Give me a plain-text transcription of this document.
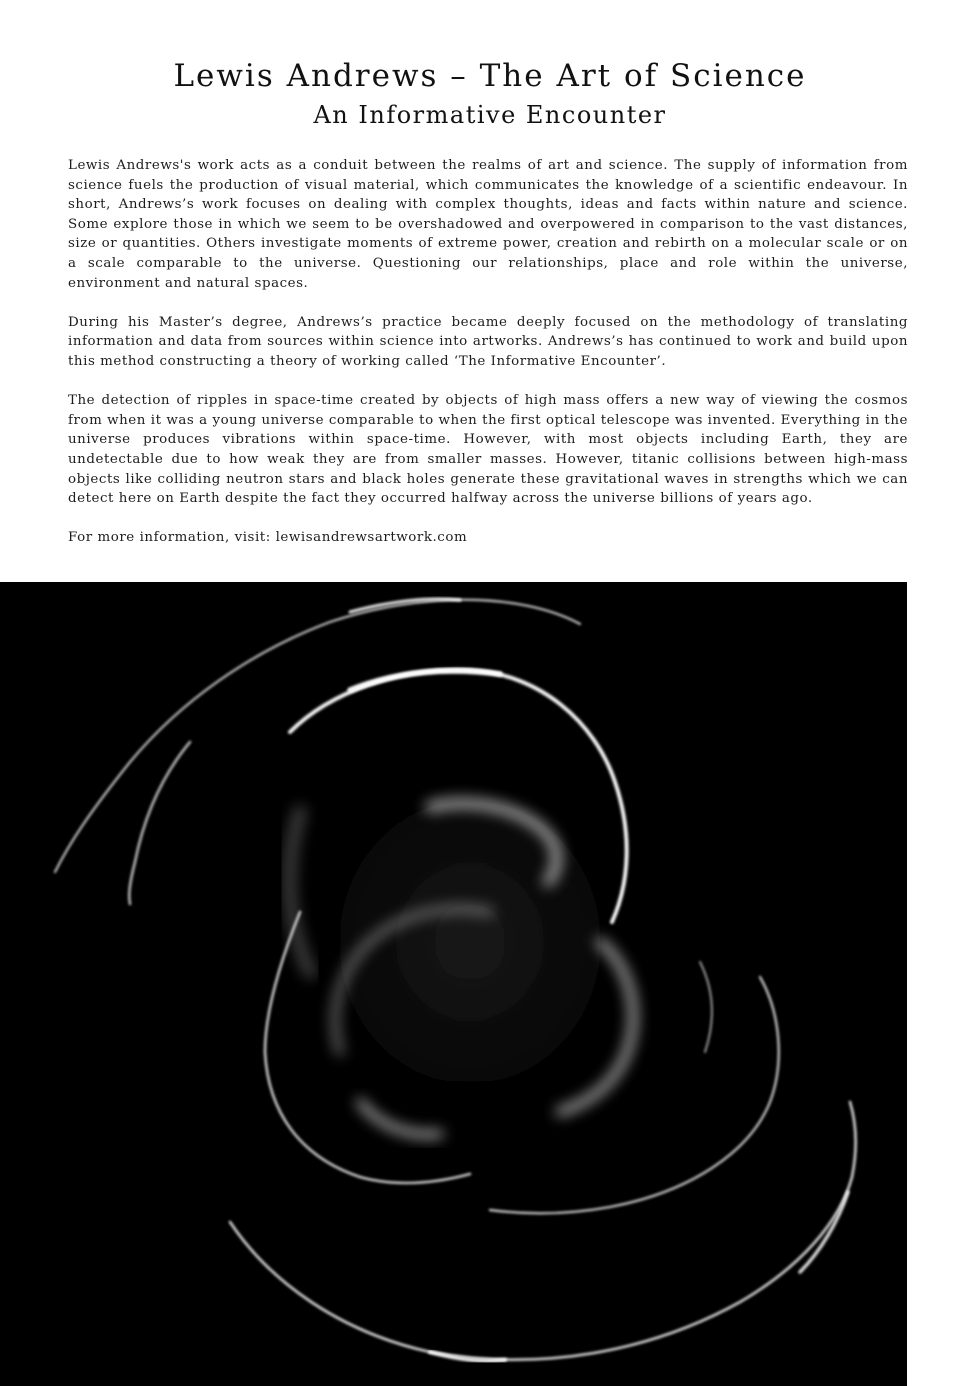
Lewis Andrews – The Art of Science
An Informative Encounter

Lewis Andrews's work acts as a conduit between the realms of art and science. The supply of information from science fuels the production of visual material, which communicates the knowledge of a scientific endeavour. In short, Andrews’s work focuses on dealing with complex thoughts, ideas and facts within nature and science. Some explore those in which we seem to be overshadowed and overpowered in comparison to the vast distances, size or quantities. Others investigate moments of extreme power, creation and rebirth on a molecular scale or on a scale comparable to the universe. Questioning our relationships, place and role within the universe, environment and natural spaces.

During his Master’s degree, Andrews’s practice became deeply focused on the methodology of translating information and data from sources within science into artworks. Andrews’s has continued to work and build upon this method constructing a theory of working called ‘The Informative Encounter’.

The detection of ripples in space-time created by objects of high mass offers a new way of viewing the cosmos from when it was a young universe comparable to when the first optical telescope was invented. Everything in the universe produces vibrations within space-time. However, with most objects including Earth, they are undetectable due to how weak they are from smaller masses. However, titanic collisions between high-mass objects like colliding neutron stars and black holes generate these gravitational waves in strengths which we can detect here on Earth despite the fact they occurred halfway across the universe billions of years ago.

For more information, visit: lewisandrewsartwork.com
